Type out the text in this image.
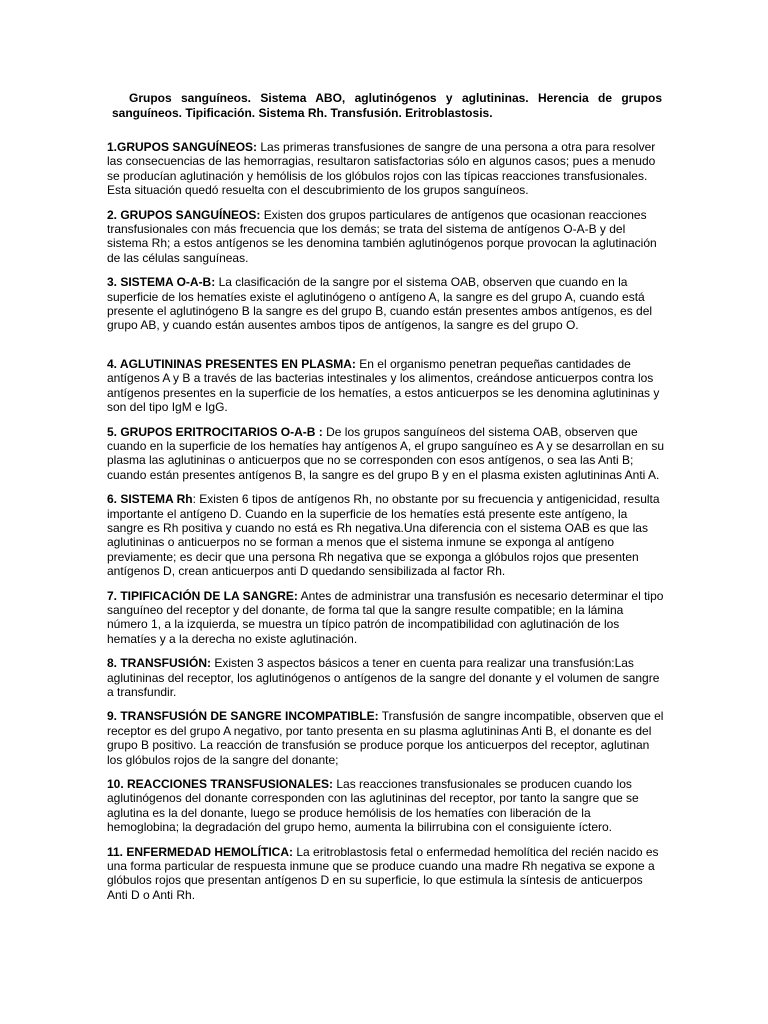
Grupos sanguíneos. Sistema ABO, aglutinógenos y aglutininas. Herencia de grupos sanguíneos. Tipificación. Sistema Rh. Transfusión. Eritroblastosis.

1.GRUPOS SANGUÍNEOS: Las primeras transfusiones de sangre de una persona a otra para resolver las consecuencias de las hemorragias, resultaron satisfactorias sólo en algunos casos; pues a menudo se producían aglutinación y hemólisis de los glóbulos rojos con las típicas reacciones transfusionales. Esta situación quedó resuelta con el descubrimiento de los grupos sanguíneos.

2. GRUPOS SANGUÍNEOS: Existen dos grupos particulares de antígenos que ocasionan reacciones transfusionales con más frecuencia que los demás; se trata del sistema de antígenos O-A-B y del sistema Rh; a estos antígenos se les denomina también aglutinógenos porque provocan la aglutinación de las células sanguíneas.

3. SISTEMA O-A-B: La clasificación de la sangre por el sistema OAB, observen que cuando en la superficie de los hematíes existe el aglutinógeno o antígeno A, la sangre es del grupo A, cuando está presente el aglutinógeno B la sangre es del grupo B, cuando están presentes ambos antígenos, es del grupo AB, y cuando están ausentes ambos tipos de antígenos, la sangre es del grupo O.

4. AGLUTININAS PRESENTES EN PLASMA: En el organismo penetran pequeñas cantidades de antígenos A y B a través de las bacterias intestinales y los alimentos, creándose anticuerpos contra los antígenos presentes en la superficie de los hematíes, a estos anticuerpos se les denomina aglutininas y son del tipo IgM e IgG.

5. GRUPOS ERITROCITARIOS O-A-B : De los grupos sanguíneos del sistema OAB, observen que cuando en la superficie de los hematíes hay antígenos A, el grupo sanguíneo es A y se desarrollan en su plasma las aglutininas o anticuerpos que no se corresponden con esos antígenos, o sea las Anti B; cuando están presentes antígenos B, la sangre es del grupo B y en el plasma existen aglutininas Anti A.

6. SISTEMA Rh: Existen 6 tipos de antígenos Rh, no obstante por su frecuencia y antigenicidad, resulta importante el antígeno D. Cuando en la superficie de los hematíes está presente este antígeno, la sangre es Rh positiva y cuando no está es Rh negativa.Una diferencia con el sistema OAB es que las aglutininas o anticuerpos no se forman a menos que el sistema inmune se exponga al antígeno previamente; es decir que una persona Rh negativa que se exponga a glóbulos rojos que presenten antígenos D, crean anticuerpos anti D quedando sensibilizada al factor Rh.

7. TIPIFICACIÓN DE LA SANGRE: Antes de administrar una transfusión es necesario determinar el tipo sanguíneo del receptor y del donante, de forma tal que la sangre resulte compatible; en la lámina número 1, a la izquierda, se muestra un típico patrón de incompatibilidad con aglutinación de los hematíes y a la derecha no existe aglutinación.

8. TRANSFUSIÓN: Existen 3 aspectos básicos a tener en cuenta para realizar una transfusión:Las aglutininas del receptor, los aglutinógenos o antígenos de la sangre del donante y el volumen de sangre a transfundir.

9. TRANSFUSIÓN DE SANGRE INCOMPATIBLE: Transfusión de sangre incompatible, observen que el receptor es del grupo A negativo, por tanto presenta en su plasma aglutininas Anti B, el donante es del grupo B positivo. La reacción de transfusión se produce porque los anticuerpos del receptor, aglutinan los glóbulos rojos de la sangre del donante;

10. REACCIONES TRANSFUSIONALES: Las reacciones transfusionales se producen cuando los aglutinógenos del donante corresponden con las aglutininas del receptor, por tanto la sangre que se aglutina es la del donante, luego se produce hemólisis de los hematíes con liberación de la hemoglobina; la degradación del grupo hemo, aumenta la bilirrubina con el consiguiente íctero.

11. ENFERMEDAD HEMOLÍTICA: La eritroblastosis fetal o enfermedad hemolítica del recién nacido es una forma particular de respuesta inmune que se produce cuando una madre Rh negativa se expone a glóbulos rojos que presentan antígenos D en su superficie, lo que estimula la síntesis de anticuerpos Anti D o Anti Rh.
